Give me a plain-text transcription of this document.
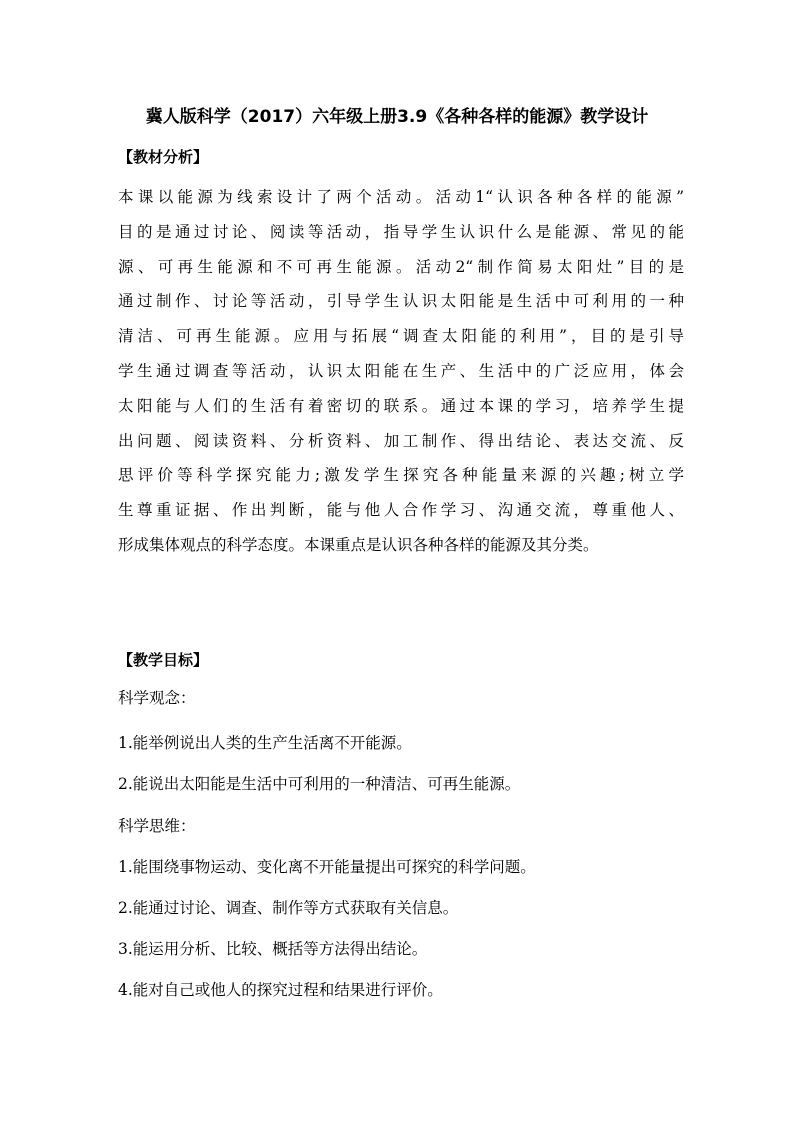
冀人版科学（2017）六年级上册3.9《各种各样的能源》教学设计
【教材分析】
本课以能源为线索设计了两个活动。活动1“认识各种各样的能源”
目的是通过讨论、阅读等活动，指导学生认识什么是能源、常见的能
源、可再生能源和不可再生能源。活动2“制作简易太阳灶”目的是
通过制作、讨论等活动，引导学生认识太阳能是生活中可利用的一种
清洁、可再生能源。应用与拓展“调查太阳能的利用”，目的是引导
学生通过调查等活动，认识太阳能在生产、生活中的广泛应用，体会
太阳能与人们的生活有着密切的联系。通过本课的学习，培养学生提
出问题、阅读资料、分析资料、加工制作、得出结论、表达交流、反
思评价等科学探究能力;激发学生探究各种能量来源的兴趣;树立学
生尊重证据、作出判断，能与他人合作学习、沟通交流，尊重他人、
形成集体观点的科学态度。本课重点是认识各种各样的能源及其分类。
【教学目标】
科学观念：
1.能举例说出人类的生产生活离不开能源。
2.能说出太阳能是生活中可利用的一种清洁、可再生能源。
科学思维：
1.能围绕事物运动、变化离不开能量提出可探究的科学问题。
2.能通过讨论、调查、制作等方式获取有关信息。
3.能运用分析、比较、概括等方法得出结论。
4.能对自己或他人的探究过程和结果进行评价。
